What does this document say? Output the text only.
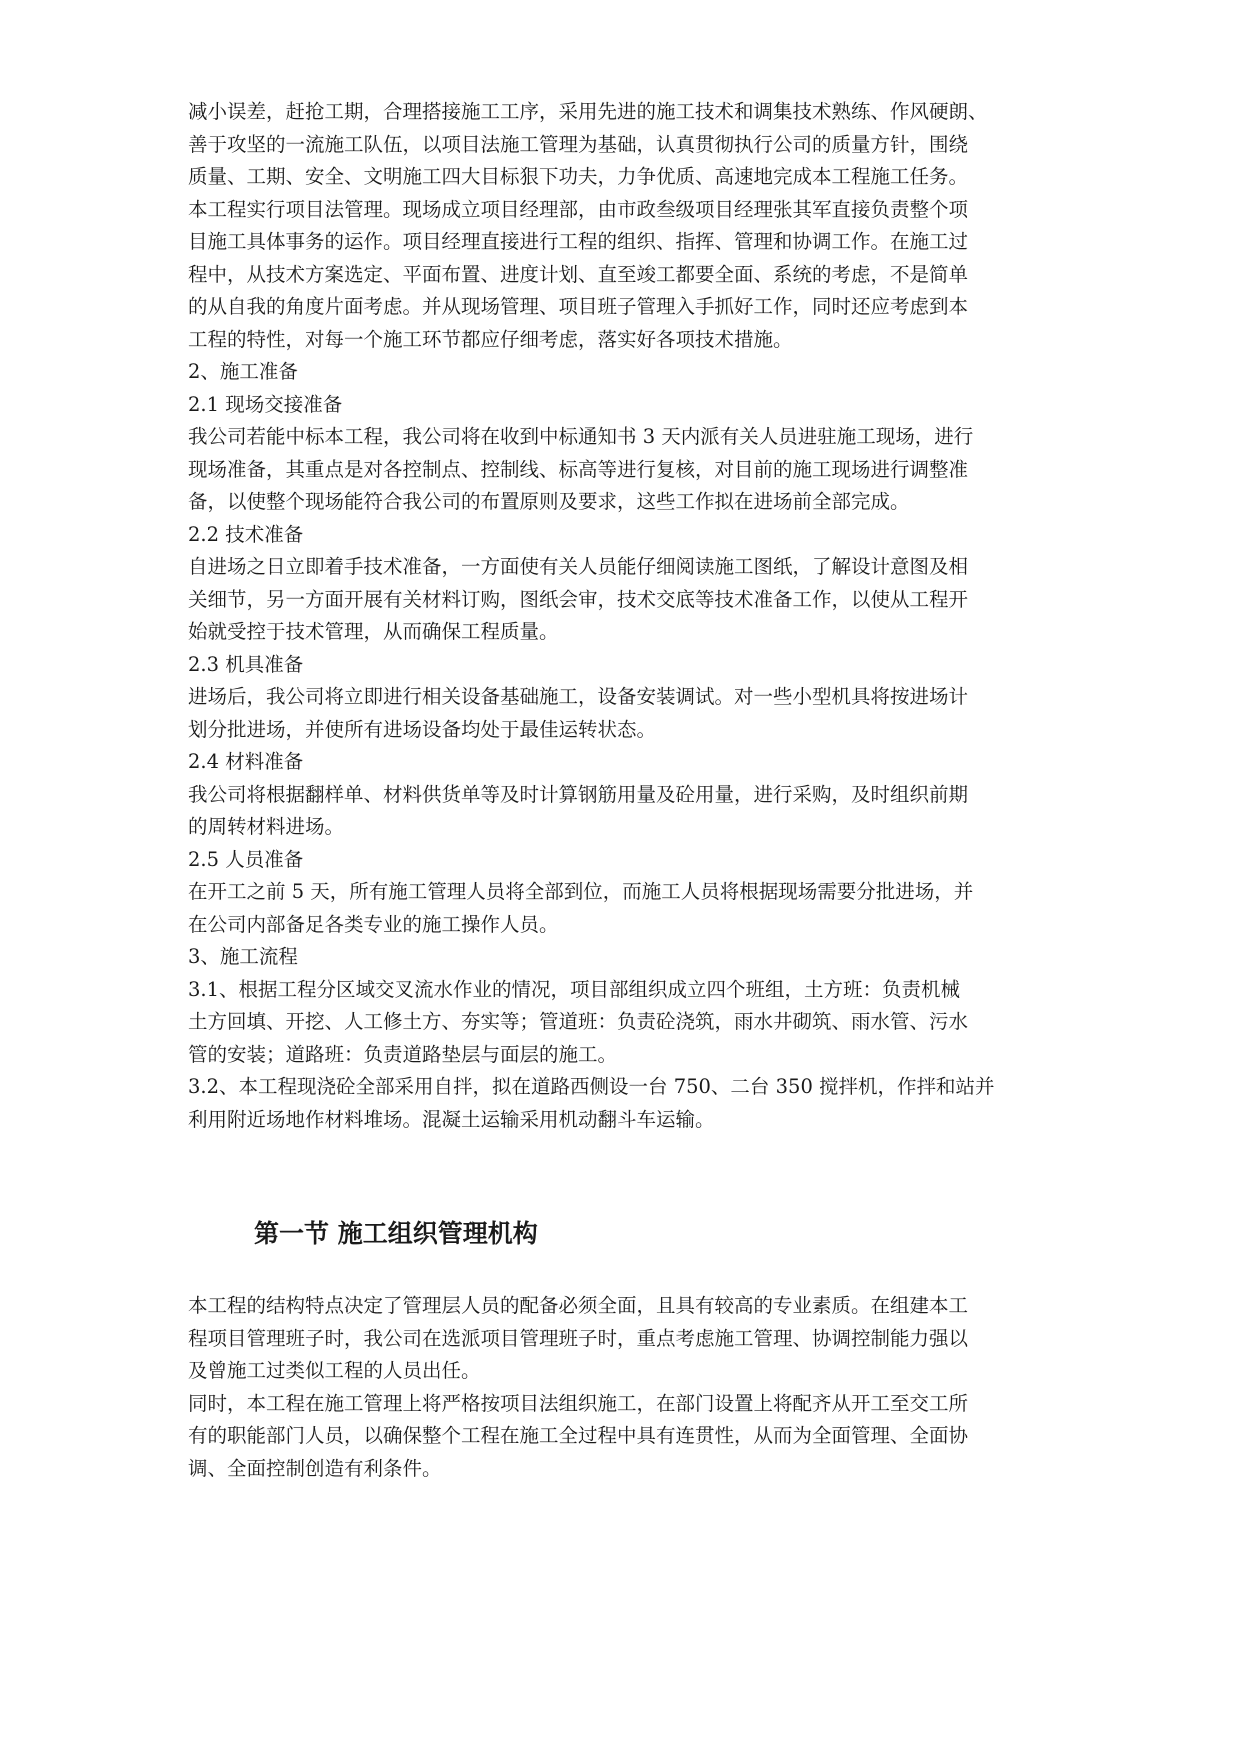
减小误差，赶抢工期，合理搭接施工工序，采用先进的施工技术和调集技术熟练、作风硬朗、
善于攻坚的一流施工队伍，以项目法施工管理为基础，认真贯彻执行公司的质量方针，围绕
质量、工期、安全、文明施工四大目标狠下功夫，力争优质、高速地完成本工程施工任务。
本工程实行项目法管理。现场成立项目经理部，由市政叁级项目经理张其军直接负责整个项
目施工具体事务的运作。项目经理直接进行工程的组织、指挥、管理和协调工作。在施工过
程中，从技术方案选定、平面布置、进度计划、直至竣工都要全面、系统的考虑，不是简单
的从自我的角度片面考虑。并从现场管理、项目班子管理入手抓好工作，同时还应考虑到本
工程的特性，对每一个施工环节都应仔细考虑，落实好各项技术措施。
2、施工准备
2.1 现场交接准备
我公司若能中标本工程，我公司将在收到中标通知书 3 天内派有关人员进驻施工现场，进行
现场准备，其重点是对各控制点、控制线、标高等进行复核，对目前的施工现场进行调整准
备，以使整个现场能符合我公司的布置原则及要求，这些工作拟在进场前全部完成。
2.2 技术准备
自进场之日立即着手技术准备，一方面使有关人员能仔细阅读施工图纸，了解设计意图及相
关细节，另一方面开展有关材料订购，图纸会审，技术交底等技术准备工作，以使从工程开
始就受控于技术管理，从而确保工程质量。
2.3 机具准备
进场后，我公司将立即进行相关设备基础施工，设备安装调试。对一些小型机具将按进场计
划分批进场，并使所有进场设备均处于最佳运转状态。
2.4 材料准备
我公司将根据翻样单、材料供货单等及时计算钢筋用量及砼用量，进行采购，及时组织前期
的周转材料进场。
2.5 人员准备
在开工之前 5 天，所有施工管理人员将全部到位，而施工人员将根据现场需要分批进场，并
在公司内部备足各类专业的施工操作人员。
3、施工流程
3.1、根据工程分区域交叉流水作业的情况，项目部组织成立四个班组，土方班：负责机械
土方回填、开挖、人工修土方、夯实等；管道班：负责砼浇筑，雨水井砌筑、雨水管、污水
管的安装；道路班：负责道路垫层与面层的施工。
3.2、本工程现浇砼全部采用自拌，拟在道路西侧设一台 750、二台 350 搅拌机，作拌和站并
利用附近场地作材料堆场。混凝土运输采用机动翻斗车运输。
第一节 施工组织管理机构
本工程的结构特点决定了管理层人员的配备必须全面，且具有较高的专业素质。在组建本工
程项目管理班子时，我公司在选派项目管理班子时，重点考虑施工管理、协调控制能力强以
及曾施工过类似工程的人员出任。
同时，本工程在施工管理上将严格按项目法组织施工，在部门设置上将配齐从开工至交工所
有的职能部门人员，以确保整个工程在施工全过程中具有连贯性，从而为全面管理、全面协
调、全面控制创造有利条件。
